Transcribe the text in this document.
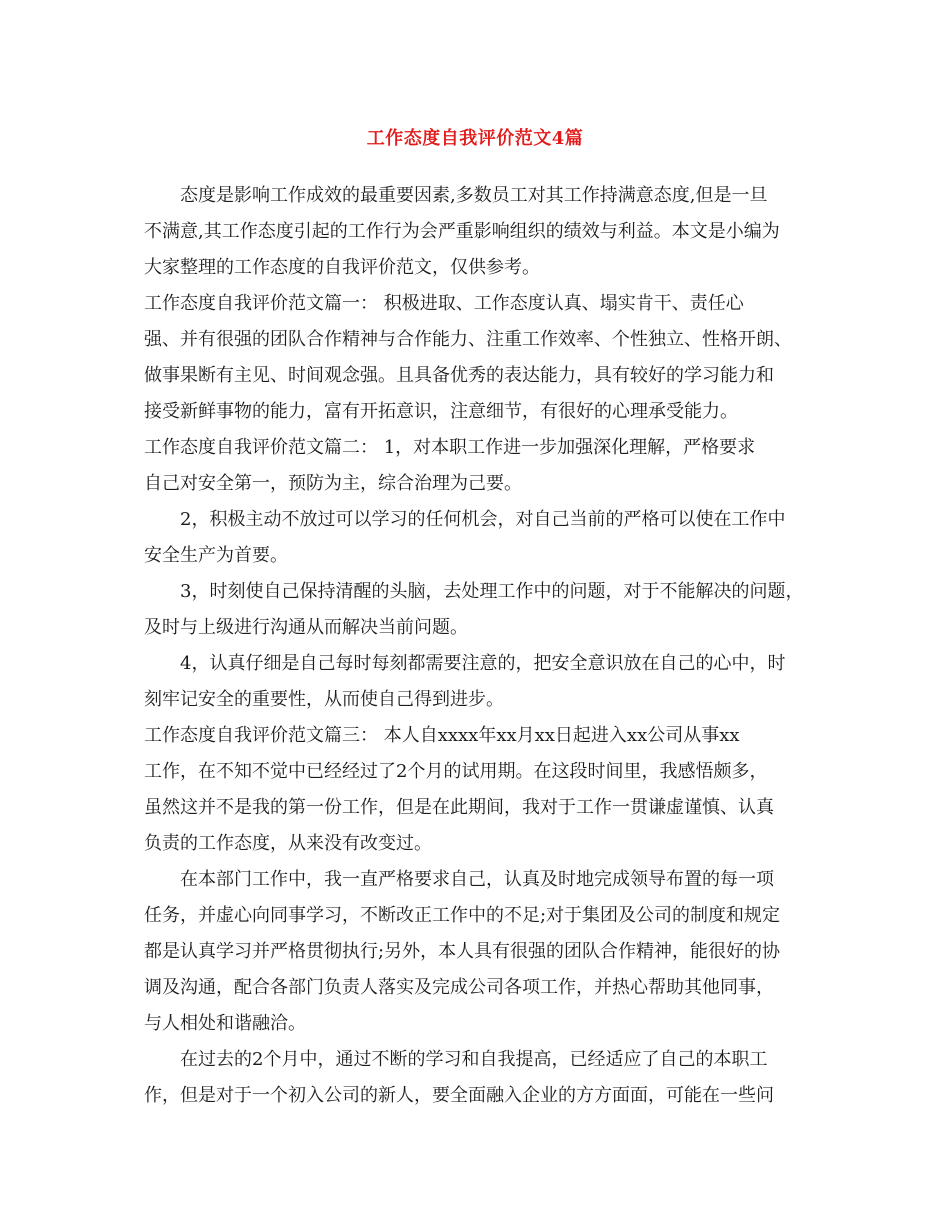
工作态度自我评价范文4篇
态度是影响工作成效的最重要因素,多数员工对其工作持满意态度,但是一旦
不满意,其工作态度引起的工作行为会严重影响组织的绩效与利益。本文是小编为
大家整理的工作态度的自我评价范文，仅供参考。
工作态度自我评价范文篇一： 积极进取、工作态度认真、塌实肯干、责任心
强、并有很强的团队合作精神与合作能力、注重工作效率、个性独立、性格开朗、
做事果断有主见、时间观念强。且具备优秀的表达能力，具有较好的学习能力和
接受新鲜事物的能力，富有开拓意识，注意细节，有很好的心理承受能力。
工作态度自我评价范文篇二： 1，对本职工作进一步加强深化理解，严格要求
自己对安全第一，预防为主，综合治理为己要。
2，积极主动不放过可以学习的任何机会，对自己当前的严格可以使在工作中
安全生产为首要。
3，时刻使自己保持清醒的头脑，去处理工作中的问题，对于不能解决的问题，
及时与上级进行沟通从而解决当前问题。
4，认真仔细是自己每时每刻都需要注意的，把安全意识放在自己的心中，时
刻牢记安全的重要性，从而使自己得到进步。
工作态度自我评价范文篇三： 本人自xxxx年xx月xx日起进入xx公司从事xx
工作，在不知不觉中已经经过了2个月的试用期。在这段时间里，我感悟颇多，
虽然这并不是我的第一份工作，但是在此期间，我对于工作一贯谦虚谨慎、认真
负责的工作态度，从来没有改变过。
在本部门工作中，我一直严格要求自己，认真及时地完成领导布置的每一项
任务，并虚心向同事学习，不断改正工作中的不足;对于集团及公司的制度和规定
都是认真学习并严格贯彻执行;另外，本人具有很强的团队合作精神，能很好的协
调及沟通，配合各部门负责人落实及完成公司各项工作，并热心帮助其他同事，
与人相处和谐融洽。
在过去的2个月中，通过不断的学习和自我提高，已经适应了自己的本职工
作，但是对于一个初入公司的新人，要全面融入企业的方方面面，可能在一些问
